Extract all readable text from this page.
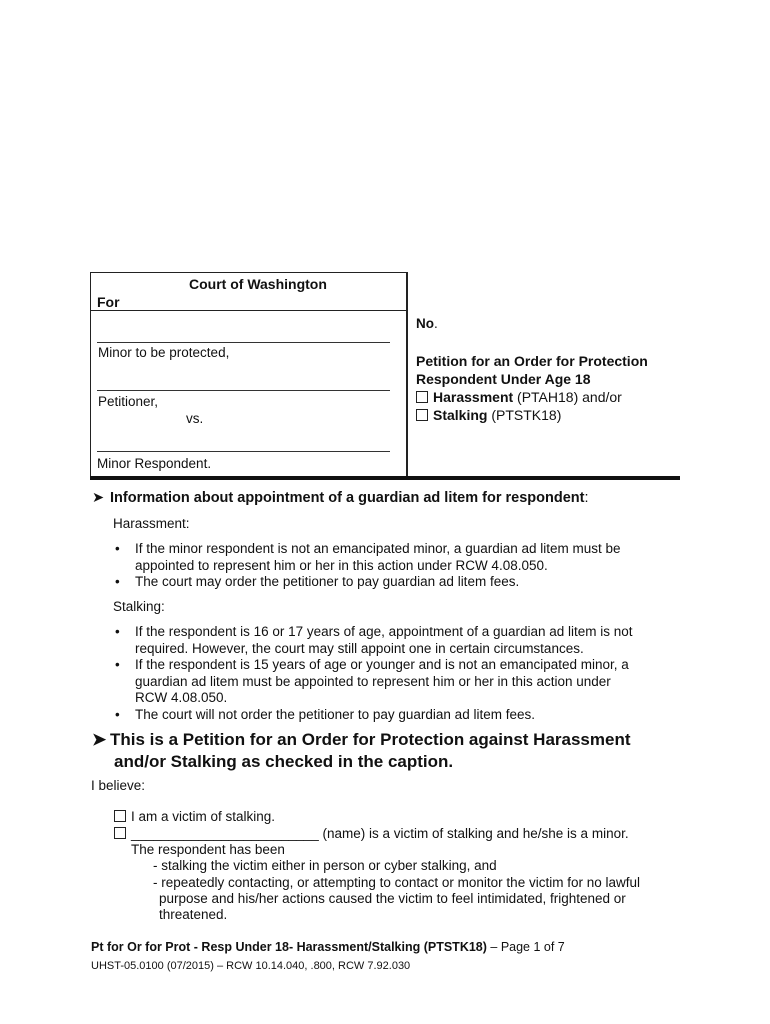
Court of Washington
For
Minor to be protected,
Petitioner,
vs.
Minor Respondent.
No.
Petition for an Order for Protection
Respondent Under Age 18
Harassment (PTAH18) and/or
Stalking (PTSTK18)
➤ Information about appointment of a guardian ad litem for respondent:
Harassment:
• If the minor respondent is not an emancipated minor, a guardian ad litem must be
appointed to represent him or her in this action under RCW 4.08.050.
• The court may order the petitioner to pay guardian ad litem fees.
Stalking:
• If the respondent is 16 or 17 years of age, appointment of a guardian ad litem is not
required. However, the court may still appoint one in certain circumstances.
• If the respondent is 15 years of age or younger and is not an emancipated minor, a
guardian ad litem must be appointed to represent him or her in this action under
RCW 4.08.050.
• The court will not order the petitioner to pay guardian ad litem fees.
➤ This is a Petition for an Order for Protection against Harassment
and/or Stalking as checked in the caption.
I believe:
I am a victim of stalking.
_________________________ (name) is a victim of stalking and he/she is a minor.
The respondent has been
- stalking the victim either in person or cyber stalking, and
- repeatedly contacting, or attempting to contact or monitor the victim for no lawful
purpose and his/her actions caused the victim to feel intimidated, frightened or
threatened.
Pt for Or for Prot - Resp Under 18- Harassment/Stalking (PTSTK18) – Page 1 of 7
UHST-05.0100 (07/2015) – RCW 10.14.040, .800, RCW 7.92.030
